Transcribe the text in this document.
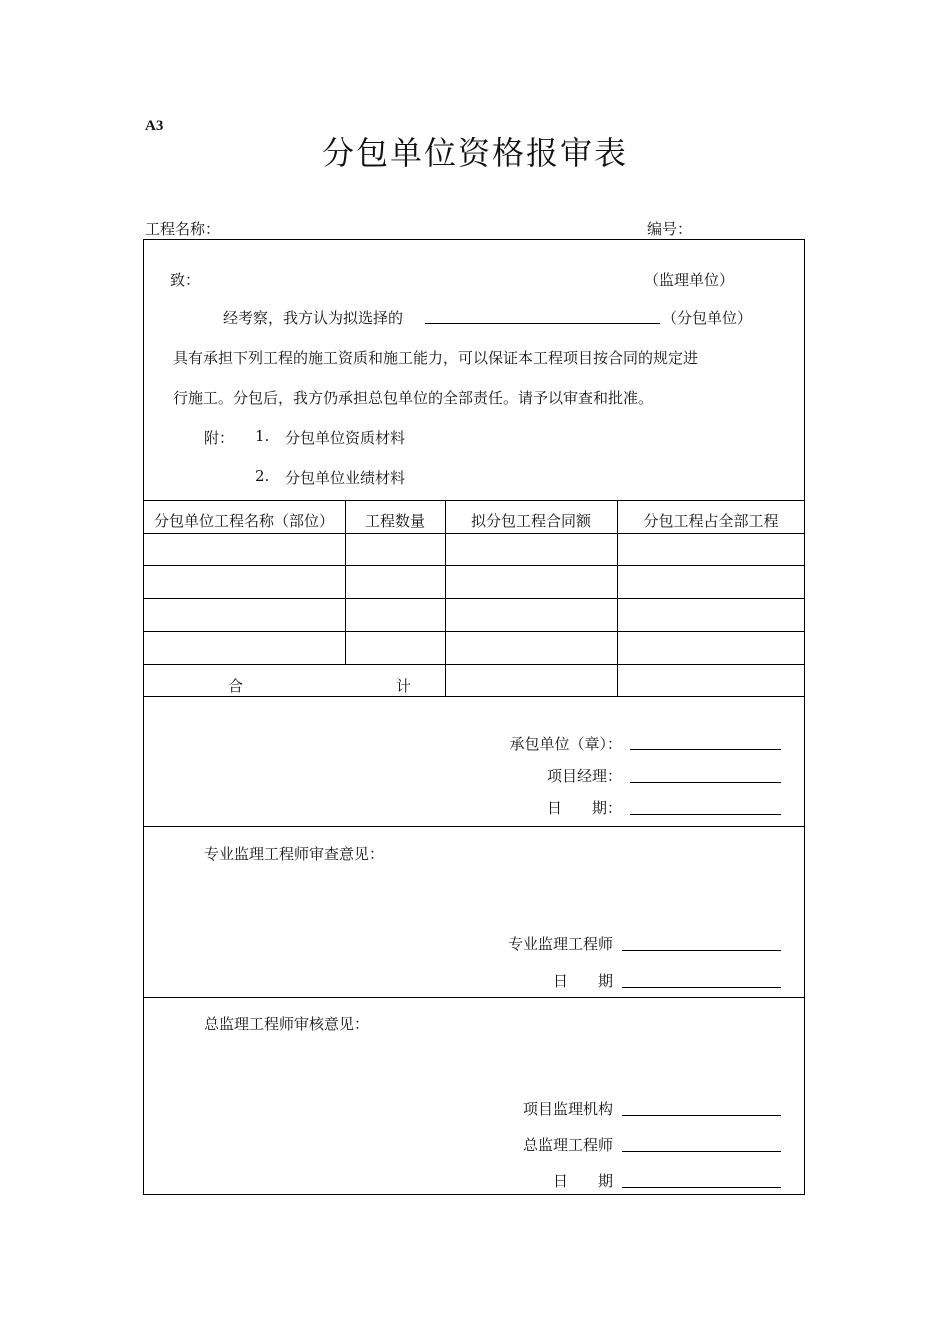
A3
分包单位资格报审表
工程名称：	编号：
致：	（监理单位）
经考察，我方认为拟选择的	（分包单位）
具有承担下列工程的施工资质和施工能力，可以保证本工程项目按合同的规定进
行施工。分包后，我方仍承担总包单位的全部责任。请予以审查和批准。
附： 1. 分包单位资质材料
2. 分包单位业绩材料
分包单位工程名称（部位）	工程数量	拟分包工程合同额	分包工程占全部工程
合	计
承包单位（章）：
项目经理：
日　　期：
专业监理工程师审查意见：
专业监理工程师
日　　期
总监理工程师审核意见：
项目监理机构
总监理工程师
日　　期
